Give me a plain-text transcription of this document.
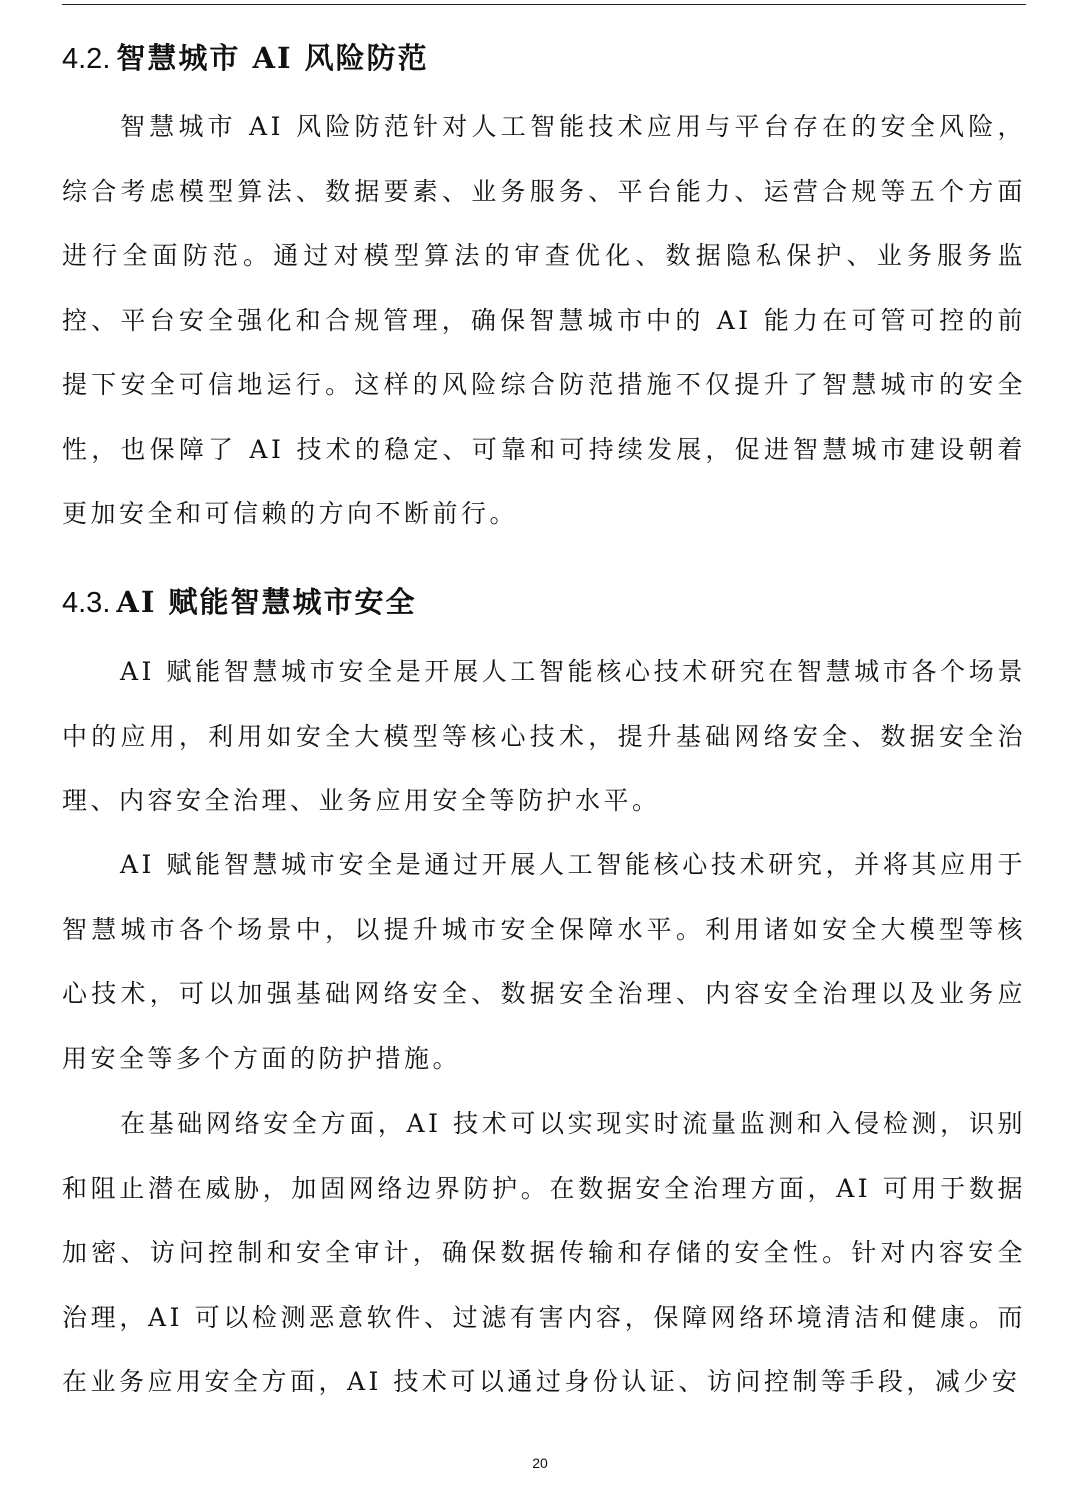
4.2. 智慧城市 AI 风险防范

智慧城市 AI 风险防范针对人工智能技术应用与平台存在的安全风险，综合考虑模型算法、数据要素、业务服务、平台能力、运营合规等五个方面进行全面防范。通过对模型算法的审查优化、数据隐私保护、业务服务监控、平台安全强化和合规管理，确保智慧城市中的 AI 能力在可管可控的前提下安全可信地运行。这样的风险综合防范措施不仅提升了智慧城市的安全性，也保障了 AI 技术的稳定、可靠和可持续发展，促进智慧城市建设朝着更加安全和可信赖的方向不断前行。

4.3. AI 赋能智慧城市安全

AI 赋能智慧城市安全是开展人工智能核心技术研究在智慧城市各个场景中的应用，利用如安全大模型等核心技术，提升基础网络安全、数据安全治理、内容安全治理、业务应用安全等防护水平。

AI 赋能智慧城市安全是通过开展人工智能核心技术研究，并将其应用于智慧城市各个场景中，以提升城市安全保障水平。利用诸如安全大模型等核心技术，可以加强基础网络安全、数据安全治理、内容安全治理以及业务应用安全等多个方面的防护措施。

在基础网络安全方面，AI 技术可以实现实时流量监测和入侵检测，识别和阻止潜在威胁，加固网络边界防护。在数据安全治理方面，AI 可用于数据加密、访问控制和安全审计，确保数据传输和存储的安全性。针对内容安全治理，AI 可以检测恶意软件、过滤有害内容，保障网络环境清洁和健康。而在业务应用安全方面，AI 技术可以通过身份认证、访问控制等手段，减少安

20
